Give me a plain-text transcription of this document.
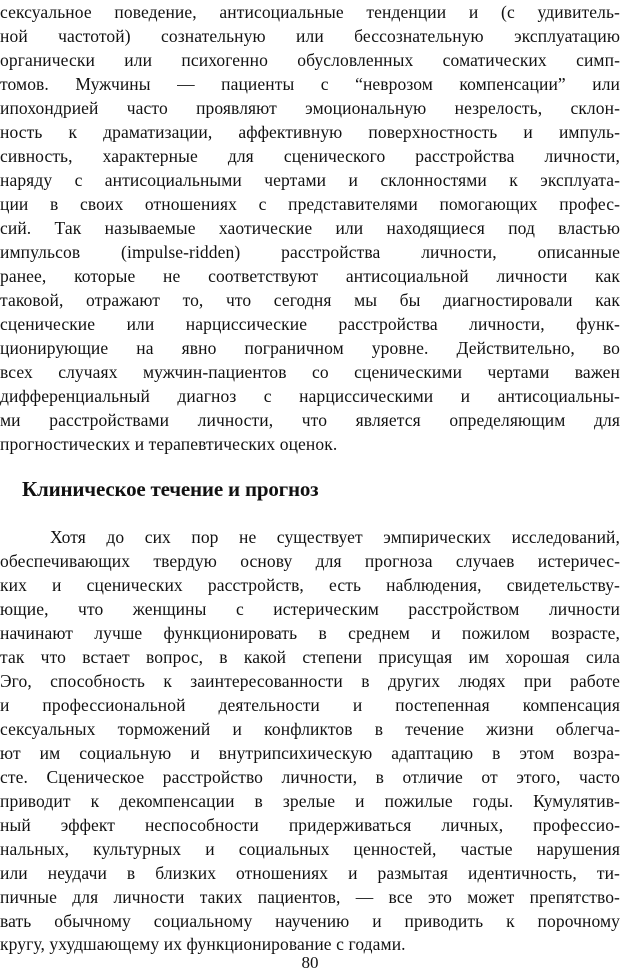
сексуальное поведение, антисоциальные тенденции и (с удивитель-
ной частотой) сознательную или бессознательную эксплуатацию
органически или психогенно обусловленных соматических симп-
томов. Мужчины — пациенты с “неврозом компенсации” или
ипохондрией часто проявляют эмоциональную незрелость, склон-
ность к драматизации, аффективную поверхностность и импуль-
сивность, характерные для сценического расстройства личности,
наряду с антисоциальными чертами и склонностями к эксплуата-
ции в своих отношениях с представителями помогающих профес-
сий. Так называемые хаотические или находящиеся под властью
импульсов (impulse-ridden) расстройства личности, описанные
ранее, которые не соответствуют антисоциальной личности как
таковой, отражают то, что сегодня мы бы диагностировали как
сценические или нарциссические расстройства личности, функ-
ционирующие на явно пограничном уровне. Действительно, во
всех случаях мужчин-пациентов со сценическими чертами важен
дифференциальный диагноз с нарциссическими и антисоциальны-
ми расстройствами личности, что является определяющим для
прогностических и терапевтических оценок.
Клиническое течение и прогноз
Хотя до сих пор не существует эмпирических исследований,
обеспечивающих твердую основу для прогноза случаев истеричес-
ких и сценических расстройств, есть наблюдения, свидетельству-
ющие, что женщины с истерическим расстройством личности
начинают лучше функционировать в среднем и пожилом возрасте,
так что встает вопрос, в какой степени присущая им хорошая сила
Эго, способность к заинтересованности в других людях при работе
и профессиональной деятельности и постепенная компенсация
сексуальных торможений и конфликтов в течение жизни облегча-
ют им социальную и внутрипсихическую адаптацию в этом возра-
сте. Сценическое расстройство личности, в отличие от этого, часто
приводит к декомпенсации в зрелые и пожилые годы. Кумулятив-
ный эффект неспособности придерживаться личных, профессио-
нальных, культурных и социальных ценностей, частые нарушения
или неудачи в близких отношениях и размытая идентичность, ти-
пичные для личности таких пациентов, — все это может препятство-
вать обычному социальному научению и приводить к порочному
кругу, ухудшающему их функционирование с годами.
80
